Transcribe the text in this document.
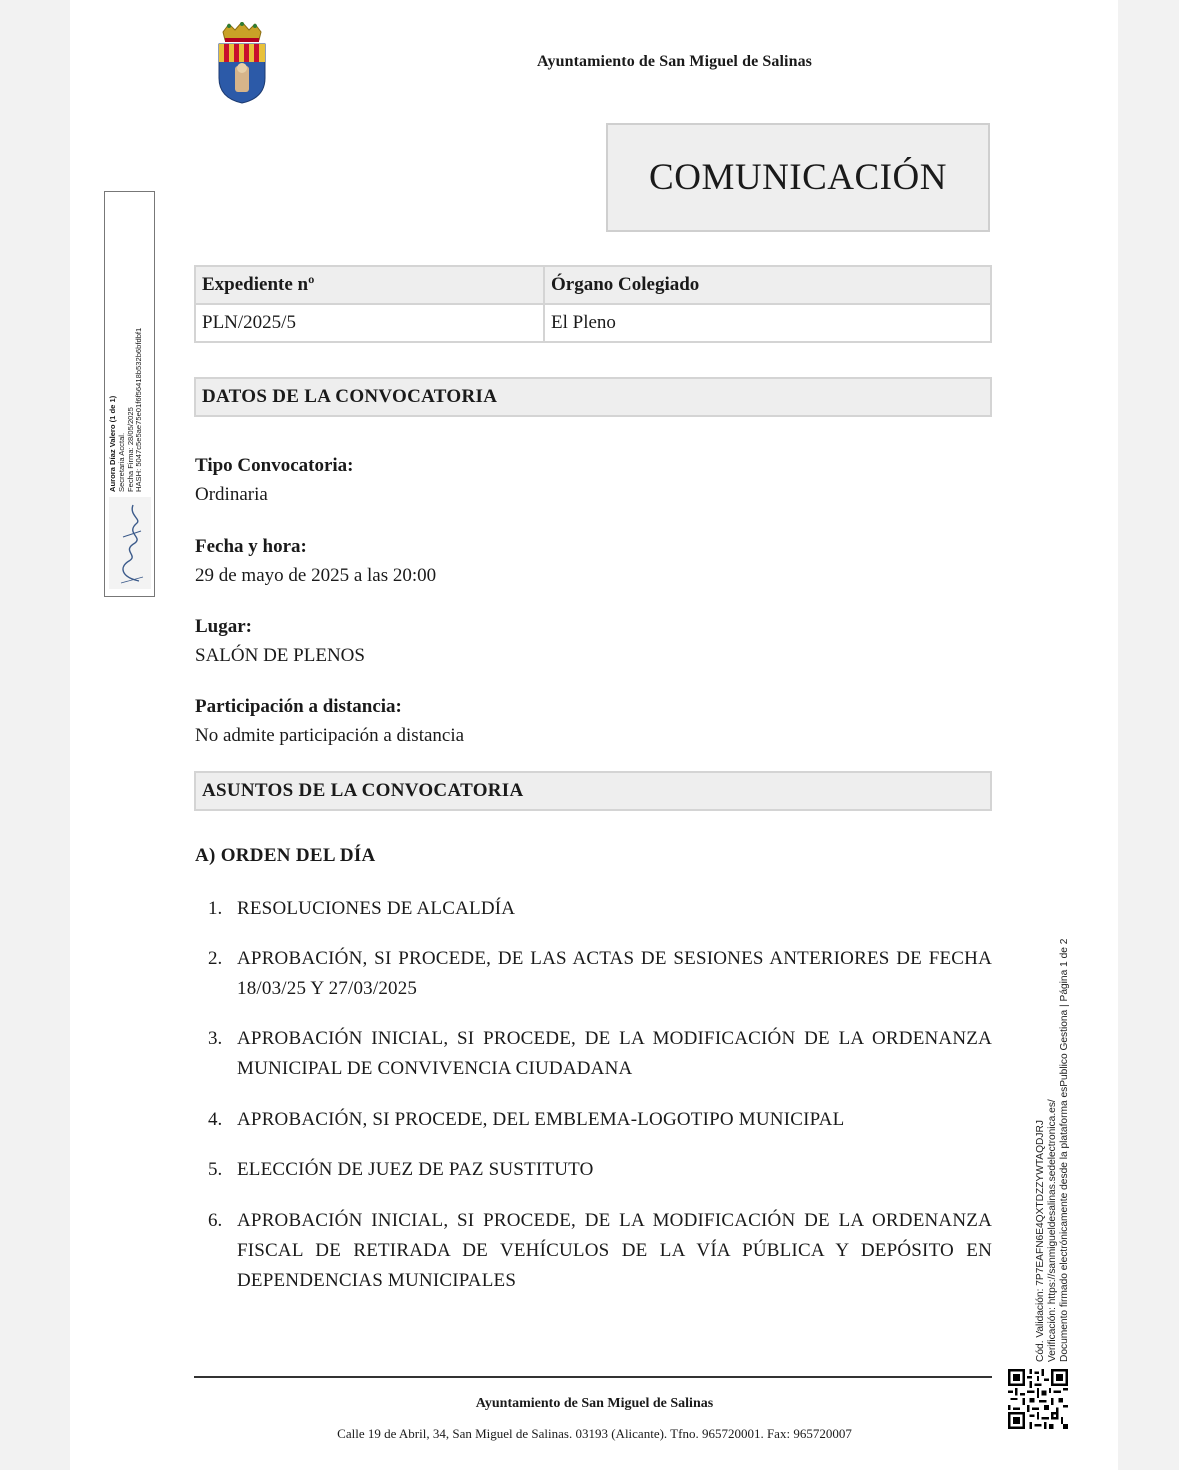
Ayuntamiento de San Miguel de Salinas
COMUNICACIÓN
Expediente nº	Órgano Colegiado
PLN/2025/5	El Pleno
DATOS DE LA CONVOCATORIA
Tipo Convocatoria:
Ordinaria
Fecha y hora:
29 de mayo de 2025 a las 20:00
Lugar:
SALÓN DE PLENOS
Participación a distancia:
No admite participación a distancia
ASUNTOS DE LA CONVOCATORIA
A) ORDEN DEL DÍA
1. RESOLUCIONES DE ALCALDÍA
2. APROBACIÓN, SI PROCEDE, DE LAS ACTAS DE SESIONES ANTERIORES DE FECHA 18/03/25 Y 27/03/2025
3. APROBACIÓN INICIAL, SI PROCEDE, DE LA MODIFICACIÓN DE LA ORDENANZA MUNICIPAL DE CONVIVENCIA CIUDADANA
4. APROBACIÓN, SI PROCEDE, DEL EMBLEMA-LOGOTIPO MUNICIPAL
5. ELECCIÓN DE JUEZ DE PAZ SUSTITUTO
6. APROBACIÓN INICIAL, SI PROCEDE, DE LA MODIFICACIÓN DE LA ORDENANZA FISCAL DE RETIRADA DE VEHÍCULOS DE LA VÍA PÚBLICA Y DEPÓSITO EN DEPENDENCIAS MUNICIPALES
Ayuntamiento de San Miguel de Salinas
Calle 19 de Abril, 34, San Miguel de Salinas. 03193 (Alicante). Tfno. 965720001. Fax: 965720007
Aurora Díaz Valero (1 de 1) Secretaria Acctal. Fecha Firma: 28/05/2025 HASH: 5047c5e5ae75e01f6f56418b532b6bfdbf1
Cód. Validación: 7P7EAFN6E4QXTDZZYWTAQDJRJ Verificación: https://sanmigueldesalinas.sedelectronica.es/ Documento firmado electrónicamente desde la plataforma esPublico Gestiona | Página 1 de 2
